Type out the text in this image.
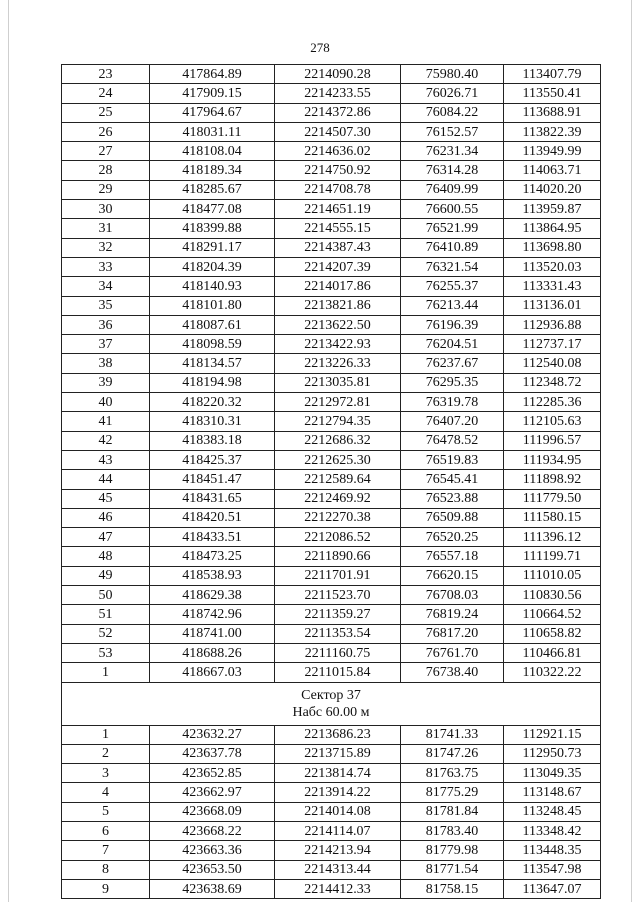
278
23	417864.89	2214090.28	75980.40	113407.79
24	417909.15	2214233.55	76026.71	113550.41
25	417964.67	2214372.86	76084.22	113688.91
26	418031.11	2214507.30	76152.57	113822.39
27	418108.04	2214636.02	76231.34	113949.99
28	418189.34	2214750.92	76314.28	114063.71
29	418285.67	2214708.78	76409.99	114020.20
30	418477.08	2214651.19	76600.55	113959.87
31	418399.88	2214555.15	76521.99	113864.95
32	418291.17	2214387.43	76410.89	113698.80
33	418204.39	2214207.39	76321.54	113520.03
34	418140.93	2214017.86	76255.37	113331.43
35	418101.80	2213821.86	76213.44	113136.01
36	418087.61	2213622.50	76196.39	112936.88
37	418098.59	2213422.93	76204.51	112737.17
38	418134.57	2213226.33	76237.67	112540.08
39	418194.98	2213035.81	76295.35	112348.72
40	418220.32	2212972.81	76319.78	112285.36
41	418310.31	2212794.35	76407.20	112105.63
42	418383.18	2212686.32	76478.52	111996.57
43	418425.37	2212625.30	76519.83	111934.95
44	418451.47	2212589.64	76545.41	111898.92
45	418431.65	2212469.92	76523.88	111779.50
46	418420.51	2212270.38	76509.88	111580.15
47	418433.51	2212086.52	76520.25	111396.12
48	418473.25	2211890.66	76557.18	111199.71
49	418538.93	2211701.91	76620.15	111010.05
50	418629.38	2211523.70	76708.03	110830.56
51	418742.96	2211359.27	76819.24	110664.52
52	418741.00	2211353.54	76817.20	110658.82
53	418688.26	2211160.75	76761.70	110466.81
1	418667.03	2211015.84	76738.40	110322.22

Сектор 37
Набс 60.00 м				

1	423632.27	2213686.23	81741.33	112921.15
2	423637.78	2213715.89	81747.26	112950.73
3	423652.85	2213814.74	81763.75	113049.35
4	423662.97	2213914.22	81775.29	113148.67
5	423668.09	2214014.08	81781.84	113248.45
6	423668.22	2214114.07	81783.40	113348.42
7	423663.36	2214213.94	81779.98	113448.35
8	423653.50	2214313.44	81771.54	113547.98
9	423638.69	2214412.33	81758.15	113647.07
